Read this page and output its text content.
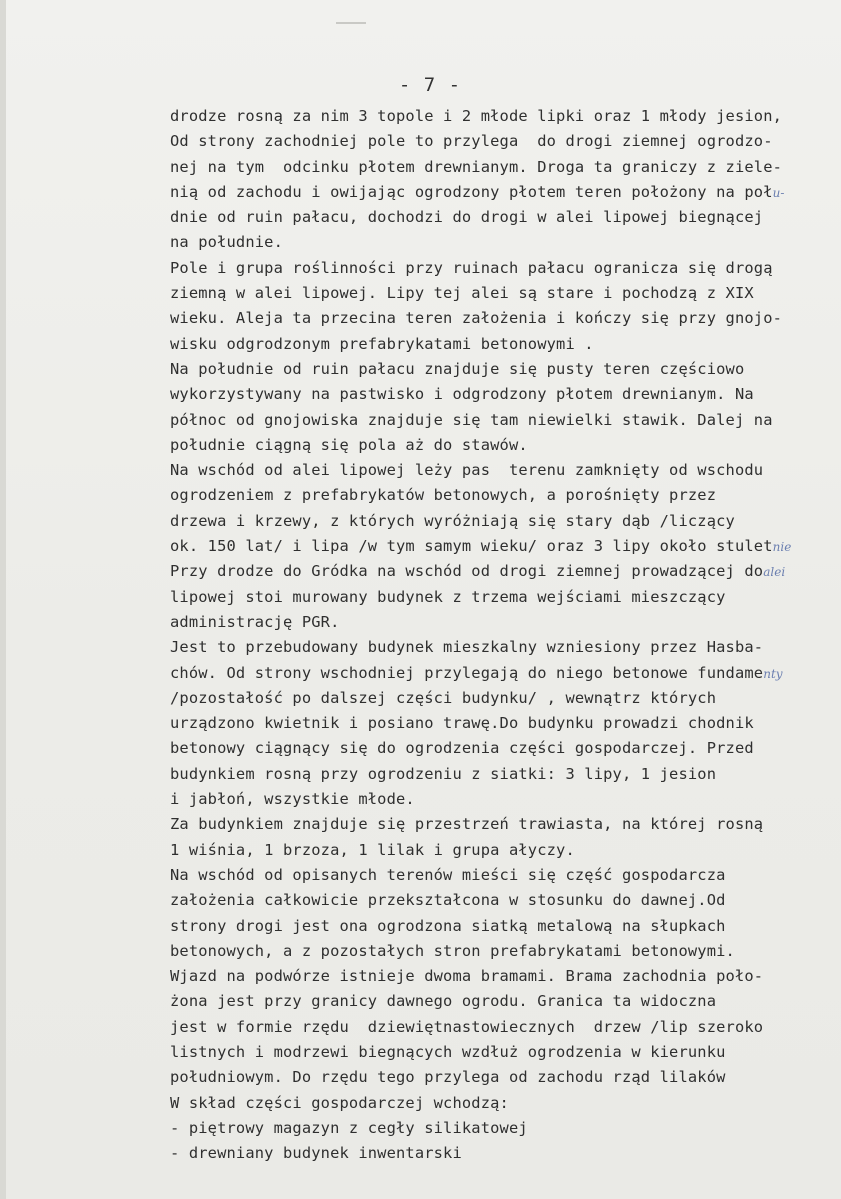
- 7 -
drodze rosną za nim 3 topole i 2 młode lipki oraz 1 młody jesion,
Od strony zachodniej pole to przylega  do drogi ziemnej ogrodzo-
nej na tym  odcinku płotem drewnianym. Droga ta graniczy z ziele-
nią od zachodu i owijając ogrodzony płotem teren położony na połu-
dnie od ruin pałacu, dochodzi do drogi w alei lipowej biegnącej
na południe.
Pole i grupa roślinności przy ruinach pałacu ogranicza się drogą
ziemną w alei lipowej. Lipy tej alei są stare i pochodzą z XIX
wieku. Aleja ta przecina teren założenia i kończy się przy gnojo-
wisku odgrodzonym prefabrykatami betonowymi .
Na południe od ruin pałacu znajduje się pusty teren częściowo
wykorzystywany na pastwisko i odgrodzony płotem drewnianym. Na
północ od gnojowiska znajduje się tam niewielki stawik. Dalej na
południe ciągną się pola aż do stawów.
Na wschód od alei lipowej leży pas  terenu zamknięty od wschodu
ogrodzeniem z prefabrykatów betonowych, a porośnięty przez
drzewa i krzewy, z których wyróżniają się stary dąb /liczący
ok. 150 lat/ i lipa /w tym samym wieku/ oraz 3 lipy około stuletnie
Przy drodze do Gródka na wschód od drogi ziemnej prowadzącej doalei
lipowej stoi murowany budynek z trzema wejściami mieszczący
administrację PGR.
Jest to przebudowany budynek mieszkalny wzniesiony przez Hasba-
chów. Od strony wschodniej przylegają do niego betonowe fundamenty
/pozostałość po dalszej części budynku/ , wewnątrz których
urządzono kwietnik i posiano trawę.Do budynku prowadzi chodnik
betonowy ciągnący się do ogrodzenia części gospodarczej. Przed
budynkiem rosną przy ogrodzeniu z siatki: 3 lipy, 1 jesion
i jabłoń, wszystkie młode.
Za budynkiem znajduje się przestrzeń trawiasta, na której rosną
1 wiśnia, 1 brzoza, 1 lilak i grupa ałyczy.
Na wschód od opisanych terenów mieści się część gospodarcza
założenia całkowicie przekształcona w stosunku do dawnej.Od
strony drogi jest ona ogrodzona siatką metalową na słupkach
betonowych, a z pozostałych stron prefabrykatami betonowymi.
Wjazd na podwórze istnieje dwoma bramami. Brama zachodnia poło-
żona jest przy granicy dawnego ogrodu. Granica ta widoczna
jest w formie rzędu  dziewiętnastowiecznych  drzew /lip szeroko
listnych i modrzewi biegnących wzdłuż ogrodzenia w kierunku
południowym. Do rzędu tego przylega od zachodu rząd lilaków
W skład części gospodarczej wchodzą:
- piętrowy magazyn z cegły silikatowej
- drewniany budynek inwentarski
